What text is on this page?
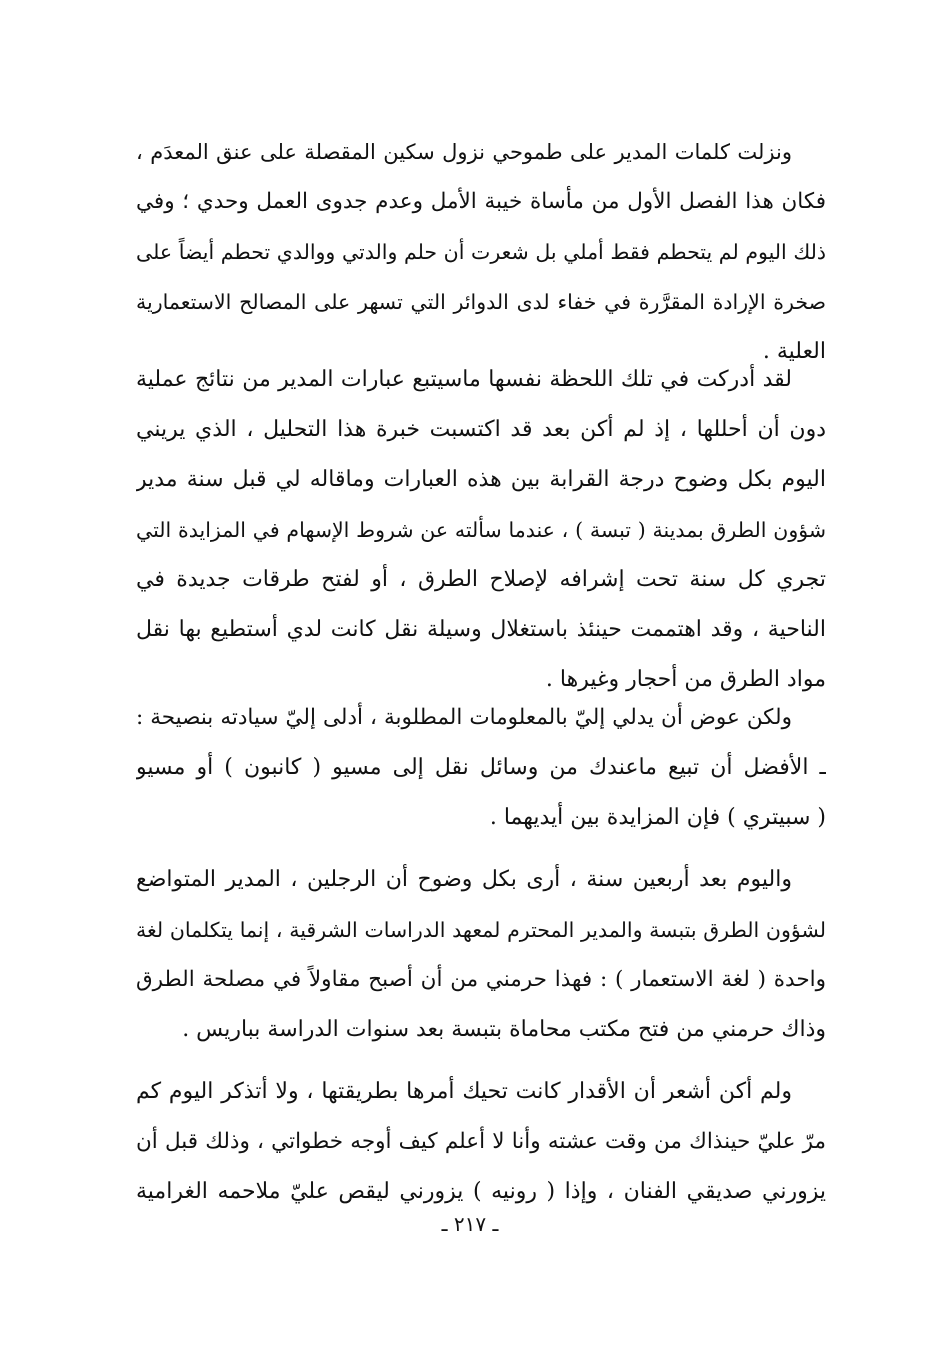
ونزلت كلمات المدير على طموحي نزول سكين المقصلة على عنق المعدَم ،
فكان هذا الفصل الأول من مأساة خيبة الأمل وعدم جدوى العمل وحدي ؛ وفي
ذلك اليوم لم يتحطم فقط أملي بل شعرت أن حلم والدتي ووالدي تحطم أيضاً على
صخرة الإرادة المقرَّرة في خفاء لدى الدوائر التي تسهر على المصالح الاستعمارية
العلية .
لقد أدركت في تلك اللحظة نفسها ماسيتبع عبارات المدير من نتائج عملية
دون أن أحللها ، إذ لم أكن بعد قد اكتسبت خبرة هذا التحليل ، الذي يريني
اليوم بكل وضوح درجة القرابة بين هذه العبارات وماقاله لي قبل سنة مدير
شؤون الطرق بمدينة ( تبسة ) ، عندما سألته عن شروط الإسهام في المزايدة التي
تجري كل سنة تحت إشرافه لإصلاح الطرق ، أو لفتح طرقات جديدة في
الناحية ، وقد اهتممت حينئذ باستغلال وسيلة نقل كانت لدي أستطيع بها نقل
مواد الطرق من أحجار وغيرها .
ولكن عوض أن يدلي إليّ بالمعلومات المطلوبة ، أدلى إليّ سيادته بنصيحة :
ـ الأفضل أن تبيع ماعندك من وسائل نقل إلى مسيو ( كانبون ) أو مسيو
( سبيتري ) فإن المزايدة بين أيديهما .
واليوم بعد أربعين سنة ، أرى بكل وضوح أن الرجلين ، المدير المتواضع
لشؤون الطرق بتبسة والمدير المحترم لمعهد الدراسات الشرقية ، إنما يتكلمان لغة
واحدة ( لغة الاستعمار ) : فهذا حرمني من أن أصبح مقاولاً في مصلحة الطرق
وذاك حرمني من فتح مكتب محاماة بتبسة بعد سنوات الدراسة بباريس .
ولم أكن أشعر أن الأقدار كانت تحيك أمرها بطريقتها ، ولا أتذكر اليوم كم
مرّ عليّ حينذاك من وقت عشته وأنا لا أعلم كيف أوجه خطواتي ، وذلك قبل أن
يزورني صديقي الفنان ، وإذا ( رونيه ) يزورني ليقص عليّ ملاحمه الغرامية
ـ ٢١٧ ـ
